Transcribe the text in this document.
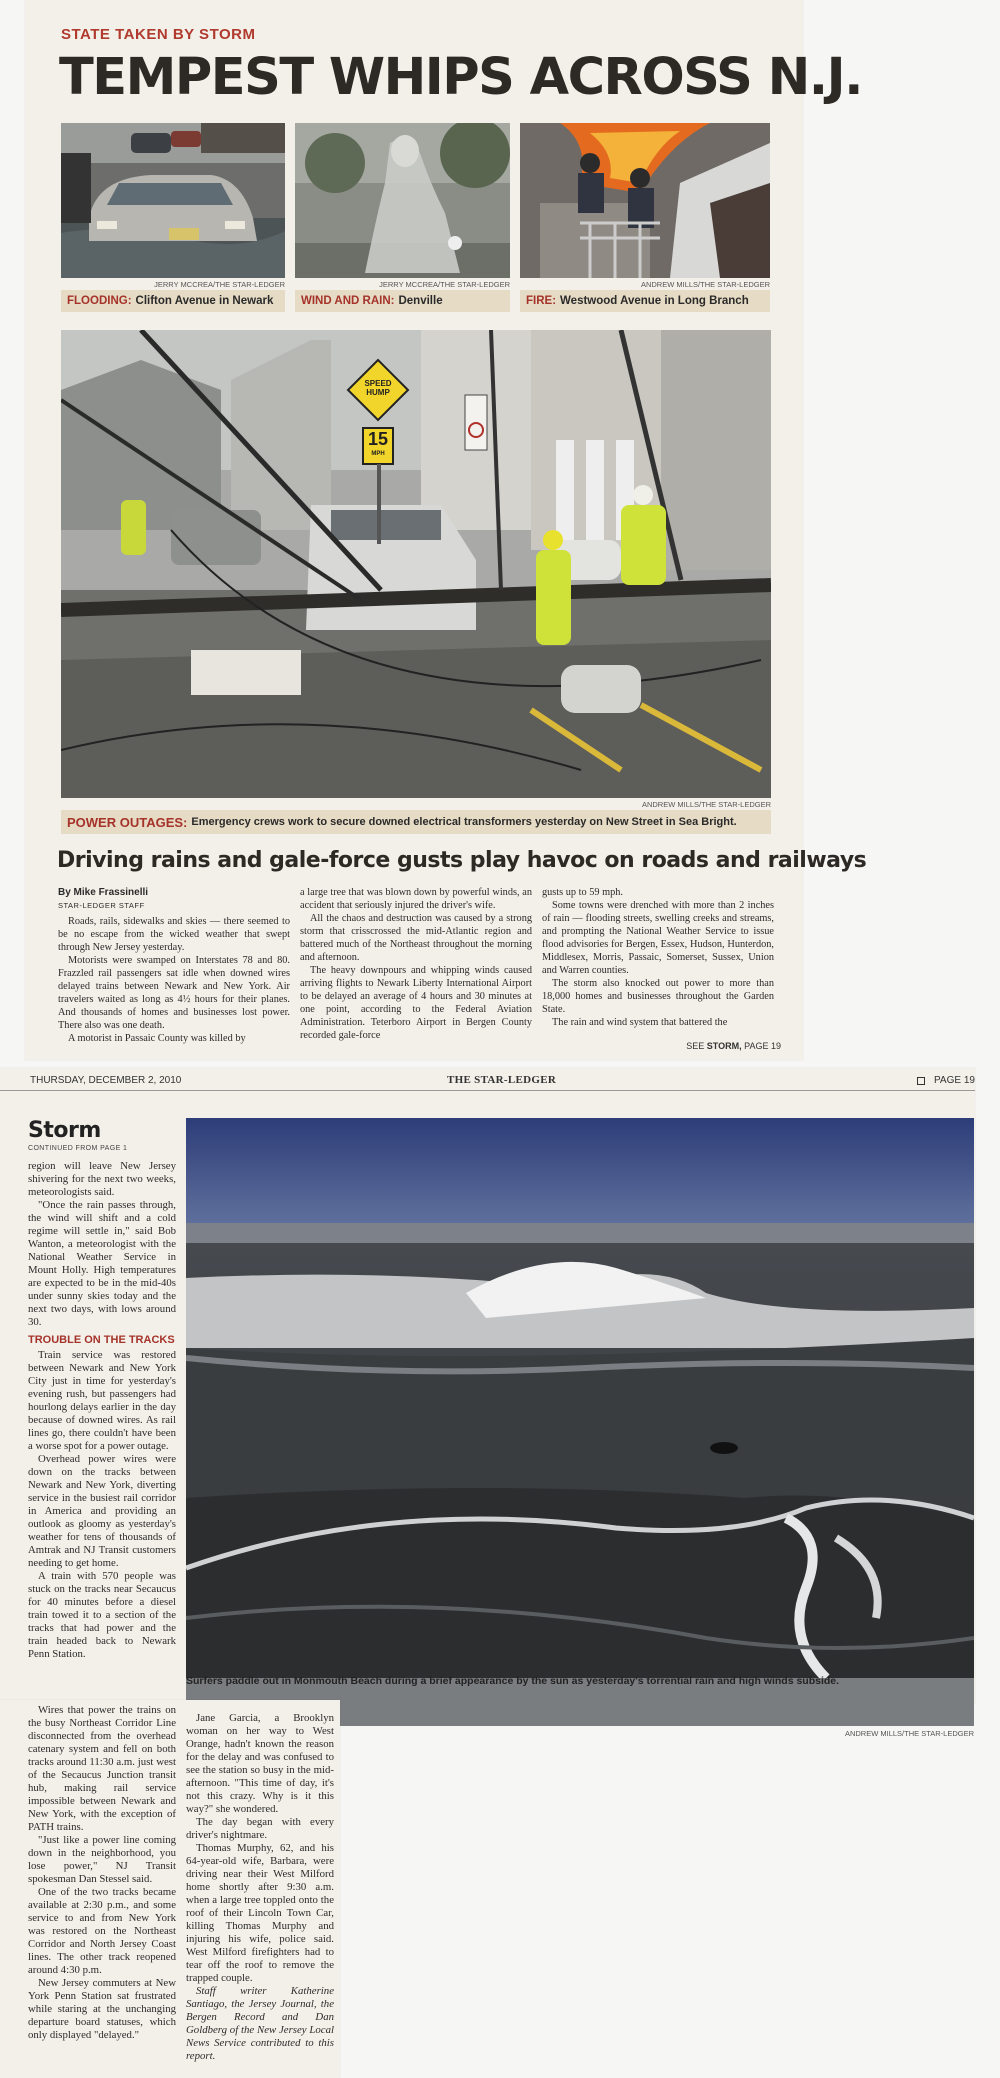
STATE TAKEN BY STORM
TEMPEST WHIPS ACROSS N.J.
JERRY MCCREA/THE STAR-LEDGER
FLOODING: Clifton Avenue in Newark
JERRY MCCREA/THE STAR-LEDGER
WIND AND RAIN: Denville
ANDREW MILLS/THE STAR-LEDGER
FIRE: Westwood Avenue in Long Branch
SPEED
HUMP
15
MPH
ANDREW MILLS/THE STAR-LEDGER
POWER OUTAGES: Emergency crews work to secure downed electrical transformers yesterday on New Street in Sea Bright.
Driving rains and gale-force gusts play havoc on roads and railways

By Mike Frassinelli

STAR-LEDGER STAFF

Roads, rails, sidewalks and skies — there seemed to be no escape from the wicked weather that swept through New Jersey yesterday.

Motorists were swamped on Interstates 78 and 80. Frazzled rail passengers sat idle when downed wires delayed trains between Newark and New York. Air travelers waited as long as 4½ hours for their planes. And thousands of homes and businesses lost power. There also was one death.

A motorist in Passaic County was killed by

a large tree that was blown down by powerful winds, an accident that seriously injured the driver's wife.

All the chaos and destruction was caused by a strong storm that crisscrossed the mid-Atlantic region and battered much of the Northeast throughout the morning and afternoon.

The heavy downpours and whipping winds caused arriving flights to Newark Liberty International Airport to be delayed an average of 4 hours and 30 minutes at one point, according to the Federal Aviation Administration. Teterboro Airport in Bergen County recorded gale-force

gusts up to 59 mph.

Some towns were drenched with more than 2 inches of rain — flooding streets, swelling creeks and streams, and prompting the National Weather Service to issue flood advisories for Bergen, Essex, Hudson, Hunterdon, Middlesex, Morris, Passaic, Somerset, Sussex, Union and Warren counties.

The storm also knocked out power to more than 18,000 homes and businesses throughout the Garden State.

The rain and wind system that battered the

SEE STORM, PAGE 19
THURSDAY, DECEMBER 2, 2010	THE STAR-LEDGER	PAGE 19
Storm
CONTINUED FROM PAGE 1

region will leave New Jersey shivering for the next two weeks, meteorologists said.

"Once the rain passes through, the wind will shift and a cold regime will settle in," said Bob Wanton, a meteorologist with the National Weather Service in Mount Holly. High temperatures are expected to be in the mid-40s under sunny skies today and the next two days, with lows around 30.

TROUBLE ON THE TRACKS

Train service was restored between Newark and New York City just in time for yesterday's evening rush, but passengers had hourlong delays earlier in the day because of downed wires. As rail lines go, there couldn't have been a worse spot for a power outage.

Overhead power wires were down on the tracks between Newark and New York, diverting service in the busiest rail corridor in America and providing an outlook as gloomy as yesterday's weather for tens of thousands of Amtrak and NJ Transit customers needing to get home.

A train with 570 people was stuck on the tracks near Secaucus for 40 minutes before a diesel train towed it to a section of the tracks that had power and the train headed back to Newark Penn Station.

ANDREW MILLS/THE STAR-LEDGER
Surfers paddle out in Monmouth Beach during a brief appearance by the sun as yesterday's torrential rain and high winds subside.

Wires that power the trains on the busy Northeast Corridor Line disconnected from the overhead catenary system and fell on both tracks around 11:30 a.m. just west of the Secaucus Junction transit hub, making rail service impossible between Newark and New York, with the exception of PATH trains.

"Just like a power line coming down in the neighborhood, you lose power," NJ Transit spokesman Dan Stessel said.

One of the two tracks became available at 2:30 p.m., and some service to and from New York was restored on the Northeast Corridor and North Jersey Coast lines. The other track reopened around 4:30 p.m.

New Jersey commuters at New York Penn Station sat frustrated while staring at the unchanging departure board statuses, which only displayed "delayed."

Jane Garcia, a Brooklyn woman on her way to West Orange, hadn't known the reason for the delay and was confused to see the station so busy in the mid-afternoon. "This time of day, it's not this crazy. Why is it this way?" she wondered.

The day began with every driver's nightmare.

Thomas Murphy, 62, and his 64-year-old wife, Barbara, were driving near their West Milford home shortly after 9:30 a.m. when a large tree toppled onto the roof of their Lincoln Town Car, killing Thomas Murphy and injuring his wife, police said. West Milford firefighters had to tear off the roof to remove the trapped couple.

Staff writer Katherine Santiago, the Jersey Journal, the Bergen Record and Dan Goldberg of the New Jersey Local News Service contributed to this report.
